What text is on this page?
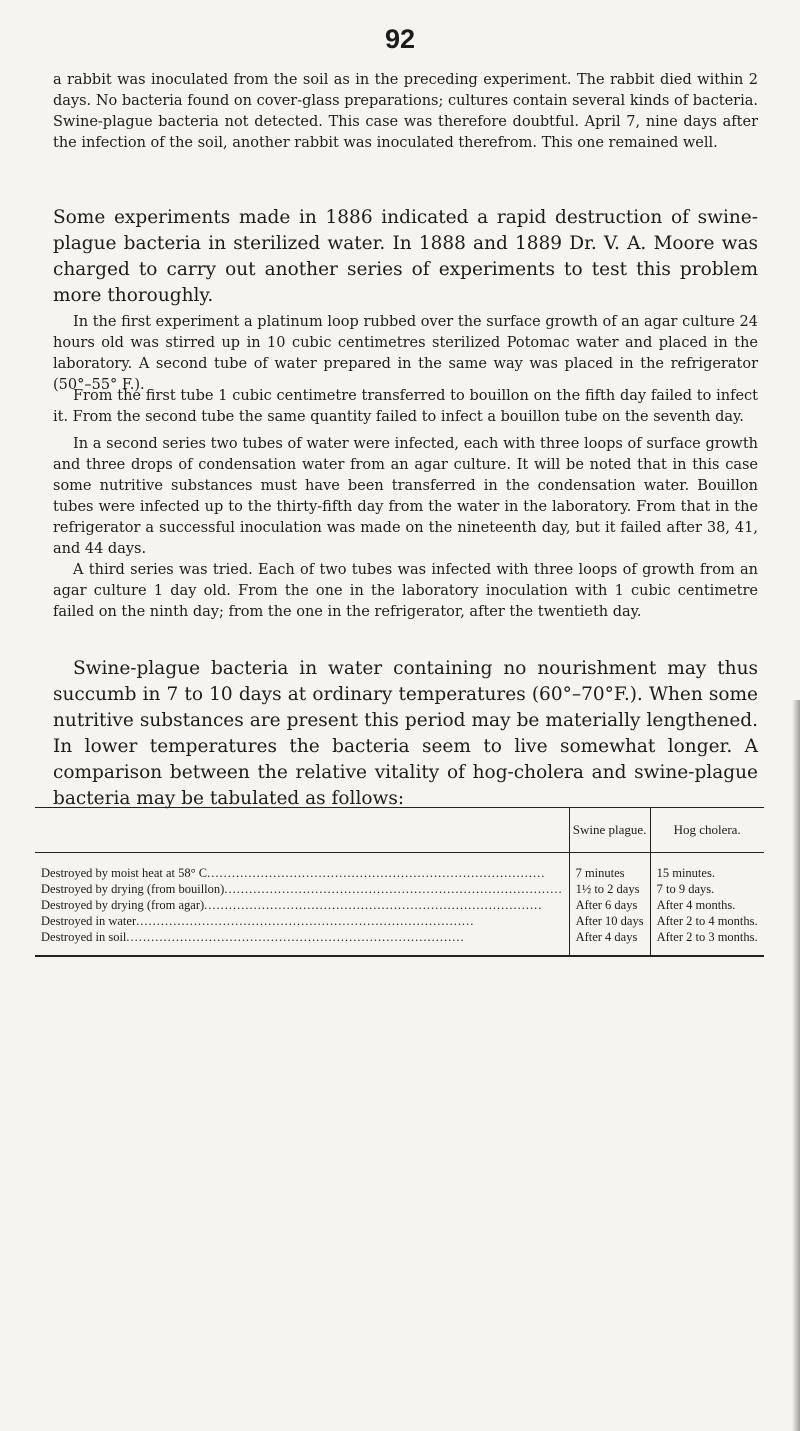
92

a rabbit was inoculated from the soil as in the preceding experiment. The rabbit died within 2 days. No bacteria found on cover-glass preparations; cultures contain several kinds of bacteria. Swine-plague bacteria not detected. This case was therefore doubtful. April 7, nine days after the infection of the soil, another rabbit was inoculated therefrom. This one remained well.

Some experiments made in 1886 indicated a rapid destruction of swine-plague bacteria in sterilized water. In 1888 and 1889 Dr. V. A. Moore was charged to carry out another series of experiments to test this problem more thoroughly.

In the first experiment a platinum loop rubbed over the surface growth of an agar culture 24 hours old was stirred up in 10 cubic centimetres sterilized Potomac water and placed in the laboratory. A second tube of water prepared in the same way was placed in the refrigerator (50°–55° F.).

From the first tube 1 cubic centimetre transferred to bouillon on the fifth day failed to infect it. From the second tube the same quantity failed to infect a bouillon tube on the seventh day.

In a second series two tubes of water were infected, each with three loops of surface growth and three drops of condensation water from an agar culture. It will be noted that in this case some nutritive substances must have been transferred in the condensation water. Bouillon tubes were infected up to the thirty-fifth day from the water in the laboratory. From that in the refrigerator a successful inoculation was made on the nineteenth day, but it failed after 38, 41, and 44 days.

A third series was tried. Each of two tubes was infected with three loops of growth from an agar culture 1 day old. From the one in the laboratory inoculation with 1 cubic centimetre failed on the ninth day; from the one in the refrigerator, after the twentieth day.

Swine-plague bacteria in water containing no nourishment may thus succumb in 7 to 10 days at ordinary temperatures (60°–70°F.). When some nutritive substances are present this period may be materially lengthened. In lower temperatures the bacteria seem to live somewhat longer. A comparison between the relative vitality of hog-cholera and swine-plague bacteria may be tabulated as follows:

	Swine plague.	Hog cholera.
Destroyed by moist heat at 58° C..................................................................................	7 minutes	15 minutes.
Destroyed by drying (from bouillon)..................................................................................	1½ to 2 days	7 to 9 days.
Destroyed by drying (from agar)..................................................................................	After 6 days	After 4 months.
Destroyed in water..................................................................................	After 10 days	After 2 to 4 months.
Destroyed in soil..................................................................................	After 4 days	After 2 to 3 months.
